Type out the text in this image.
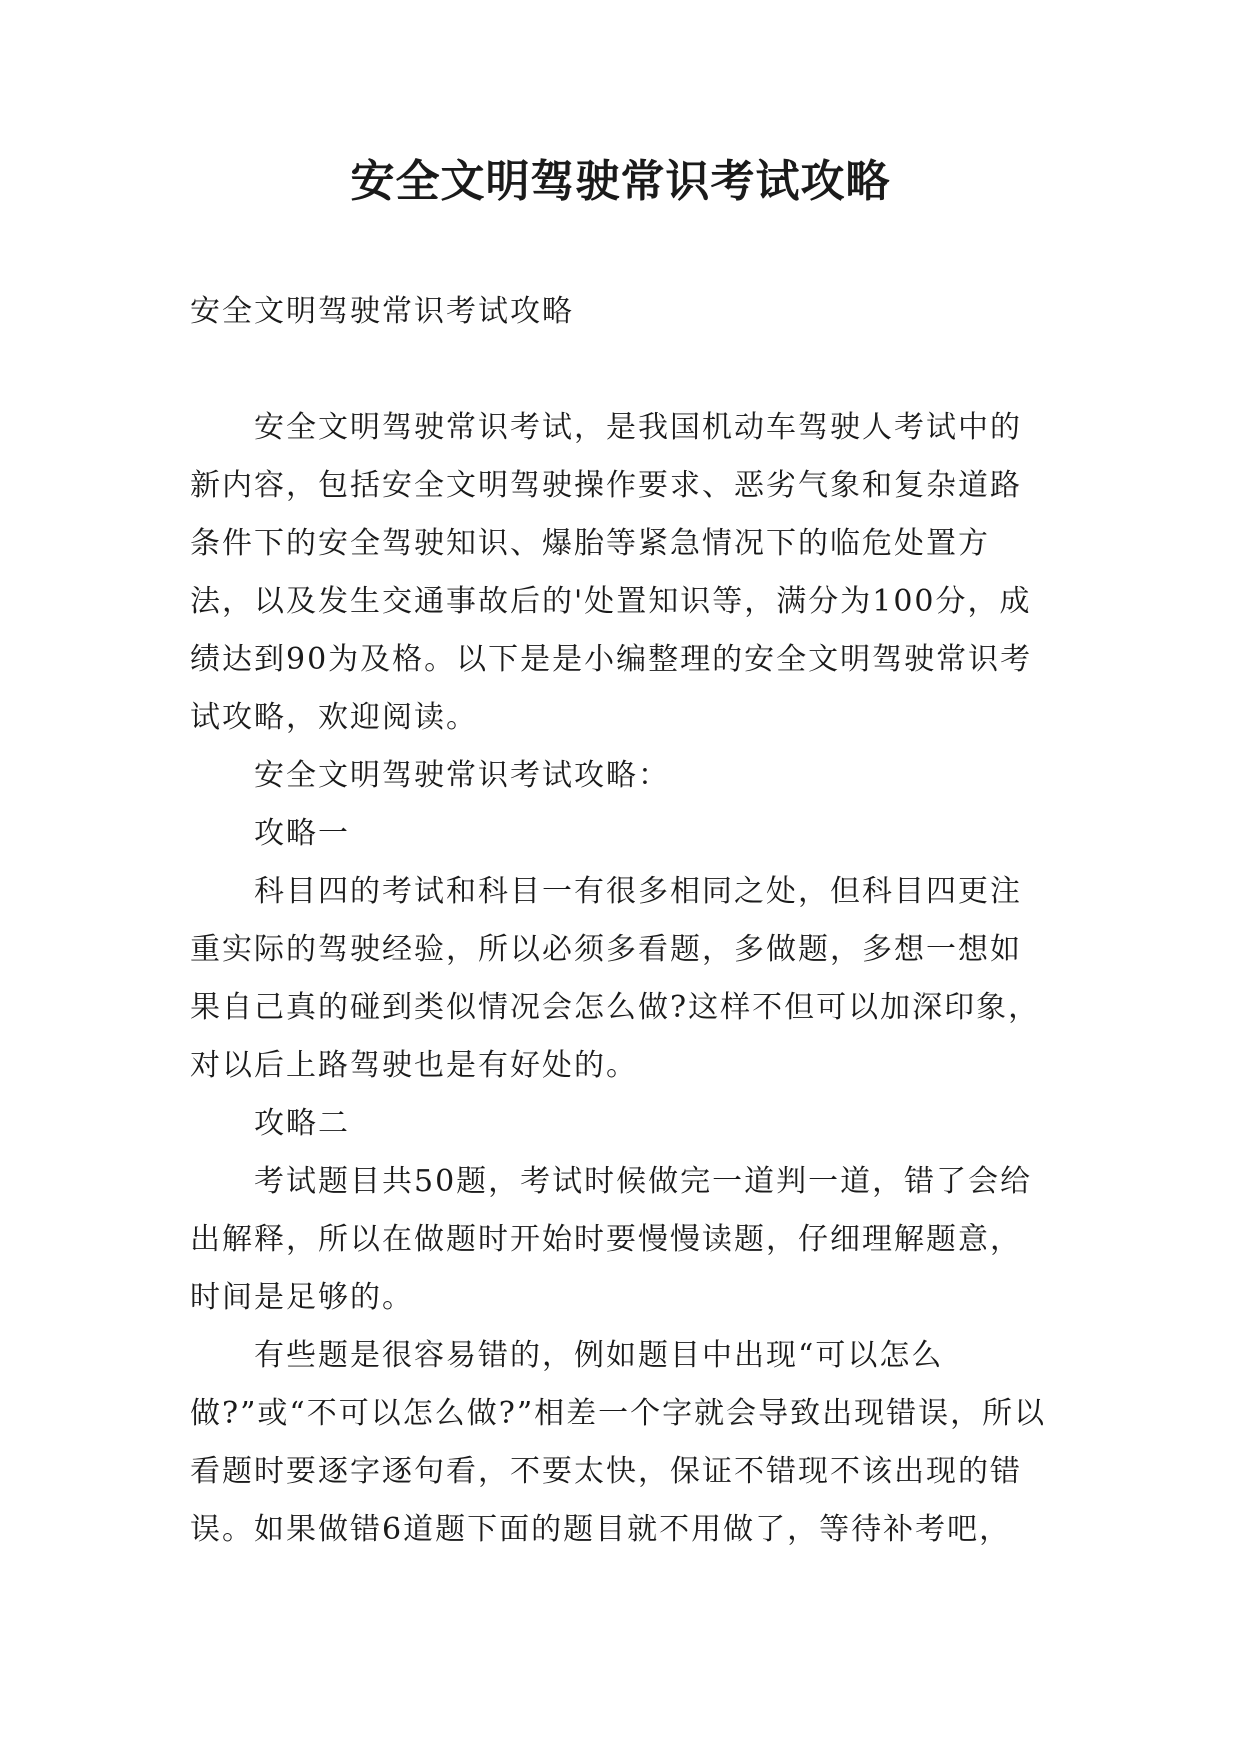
安全文明驾驶常识考试攻略

安全文明驾驶常识考试攻略

安全文明驾驶常识考试，是我国机动车驾驶人考试中的新内容，包括安全文明驾驶操作要求、恶劣气象和复杂道路条件下的安全驾驶知识、爆胎等紧急情况下的临危处置方法，以及发生交通事故后的'处置知识等，满分为100分，成绩达到90为及格。以下是是小编整理的安全文明驾驶常识考试攻略，欢迎阅读。

安全文明驾驶常识考试攻略：

攻略一

科目四的考试和科目一有很多相同之处，但科目四更注重实际的驾驶经验，所以必须多看题，多做题，多想一想如果自己真的碰到类似情况会怎么做?这样不但可以加深印象，对以后上路驾驶也是有好处的。

攻略二

考试题目共50题，考试时候做完一道判一道，错了会给出解释，所以在做题时开始时要慢慢读题，仔细理解题意，时间是足够的。

有些题是很容易错的，例如题目中出现“可以怎么做?”或“不可以怎么做?”相差一个字就会导致出现错误，所以看题时要逐字逐句看，不要太快，保证不错现不该出现的错误。如果做错6道题下面的题目就不用做了，等待补考吧，
